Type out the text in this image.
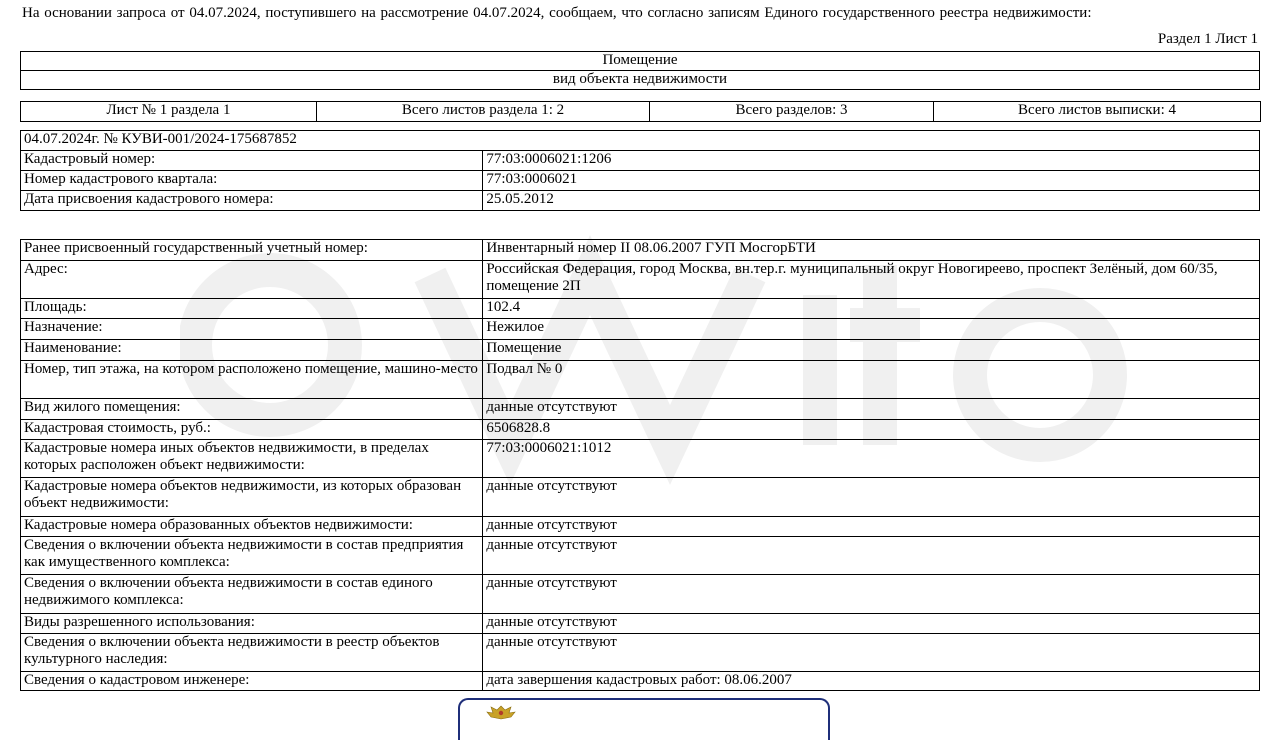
На основании запроса от 04.07.2024, поступившего на рассмотрение 04.07.2024, сообщаем, что согласно записям Единого государственного реестра недвижимости:
Раздел 1 Лист 1
Помещение
вид объекта недвижимости
Лист № 1 раздела 1	Всего листов раздела 1: 2	Всего разделов: 3	Всего листов выписки: 4
04.07.2024г. № КУВИ-001/2024-175687852	
Кадастровый номер:	77:03:0006021:1206
Номер кадастрового квартала:	77:03:0006021
Дата присвоения кадастрового номера:	25.05.2012
Ранее присвоенный государственный учетный номер:	Инвентарный номер II 08.06.2007 ГУП МосгорБТИ
Адрес:	Российская Федерация, город Москва, вн.тер.г. муниципальный округ Новогиреево, проспект Зелёный, дом 60/35, помещение 2П
Площадь:	102.4
Назначение:	Нежилое
Наименование:	Помещение
Номер, тип этажа, на котором расположено помещение, машино-место	Подвал № 0
Вид жилого помещения:	данные отсутствуют
Кадастровая стоимость, руб.:	6506828.8
Кадастровые номера иных объектов недвижимости, в пределах которых расположен объект недвижимости:	77:03:0006021:1012
Кадастровые номера объектов недвижимости, из которых образован объект недвижимости:	данные отсутствуют
Кадастровые номера образованных объектов недвижимости:	данные отсутствуют
Сведения о включении объекта недвижимости в состав предприятия как имущественного комплекса:	данные отсутствуют
Сведения о включении объекта недвижимости в состав единого недвижимого комплекса:	данные отсутствуют
Виды разрешенного использования:	данные отсутствуют
Сведения о включении объекта недвижимости в реестр объектов культурного наследия:	данные отсутствуют
Сведения о кадастровом инженере:	дата завершения кадастровых работ: 08.06.2007
